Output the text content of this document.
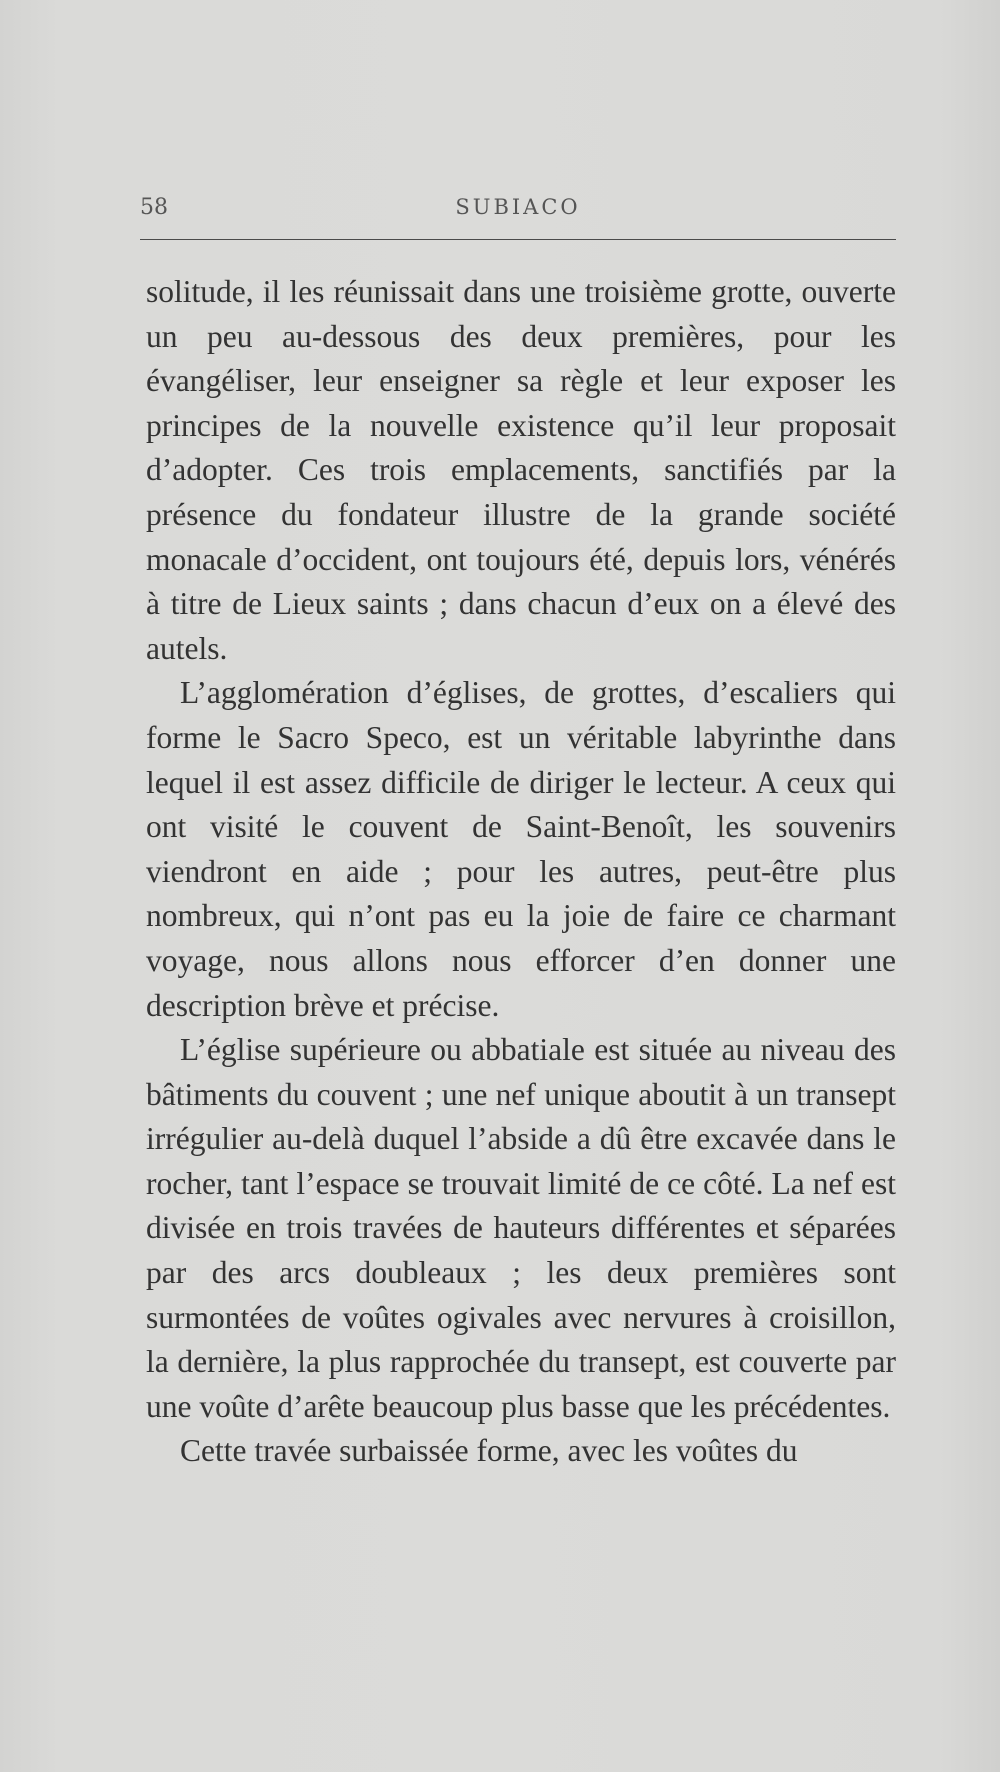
58	SUBIACO

solitude, il les réunissait dans une troisième grotte, ouverte un peu au-dessous des deux premières, pour les évangéliser, leur enseigner sa règle et leur exposer les principes de la nouvelle existence qu’il leur proposait d’adopter. Ces trois emplacements, sanctifiés par la présence du fondateur illustre de la grande société monacale d’occident, ont toujours été, depuis lors, vénérés à titre de Lieux saints ; dans chacun d’eux on a élevé des autels.

L’agglomération d’églises, de grottes, d’escaliers qui forme le Sacro Speco, est un véritable labyrinthe dans lequel il est assez difficile de diriger le lecteur. A ceux qui ont visité le couvent de Saint-Benoît, les souvenirs viendront en aide ; pour les autres, peut-être plus nombreux, qui n’ont pas eu la joie de faire ce charmant voyage, nous allons nous efforcer d’en donner une description brève et précise.

L’église supérieure ou abbatiale est située au niveau des bâtiments du couvent ; une nef unique aboutit à un transept irrégulier au-delà duquel l’abside a dû être excavée dans le rocher, tant l’espace se trouvait limité de ce côté. La nef est divisée en trois travées de hauteurs différentes et séparées par des arcs doubleaux ; les deux premières sont surmontées de voûtes ogivales avec nervures à croisillon, la dernière, la plus rapprochée du transept, est couverte par une voûte d’arête beaucoup plus basse que les précédentes.

Cette travée surbaissée forme, avec les voûtes du
